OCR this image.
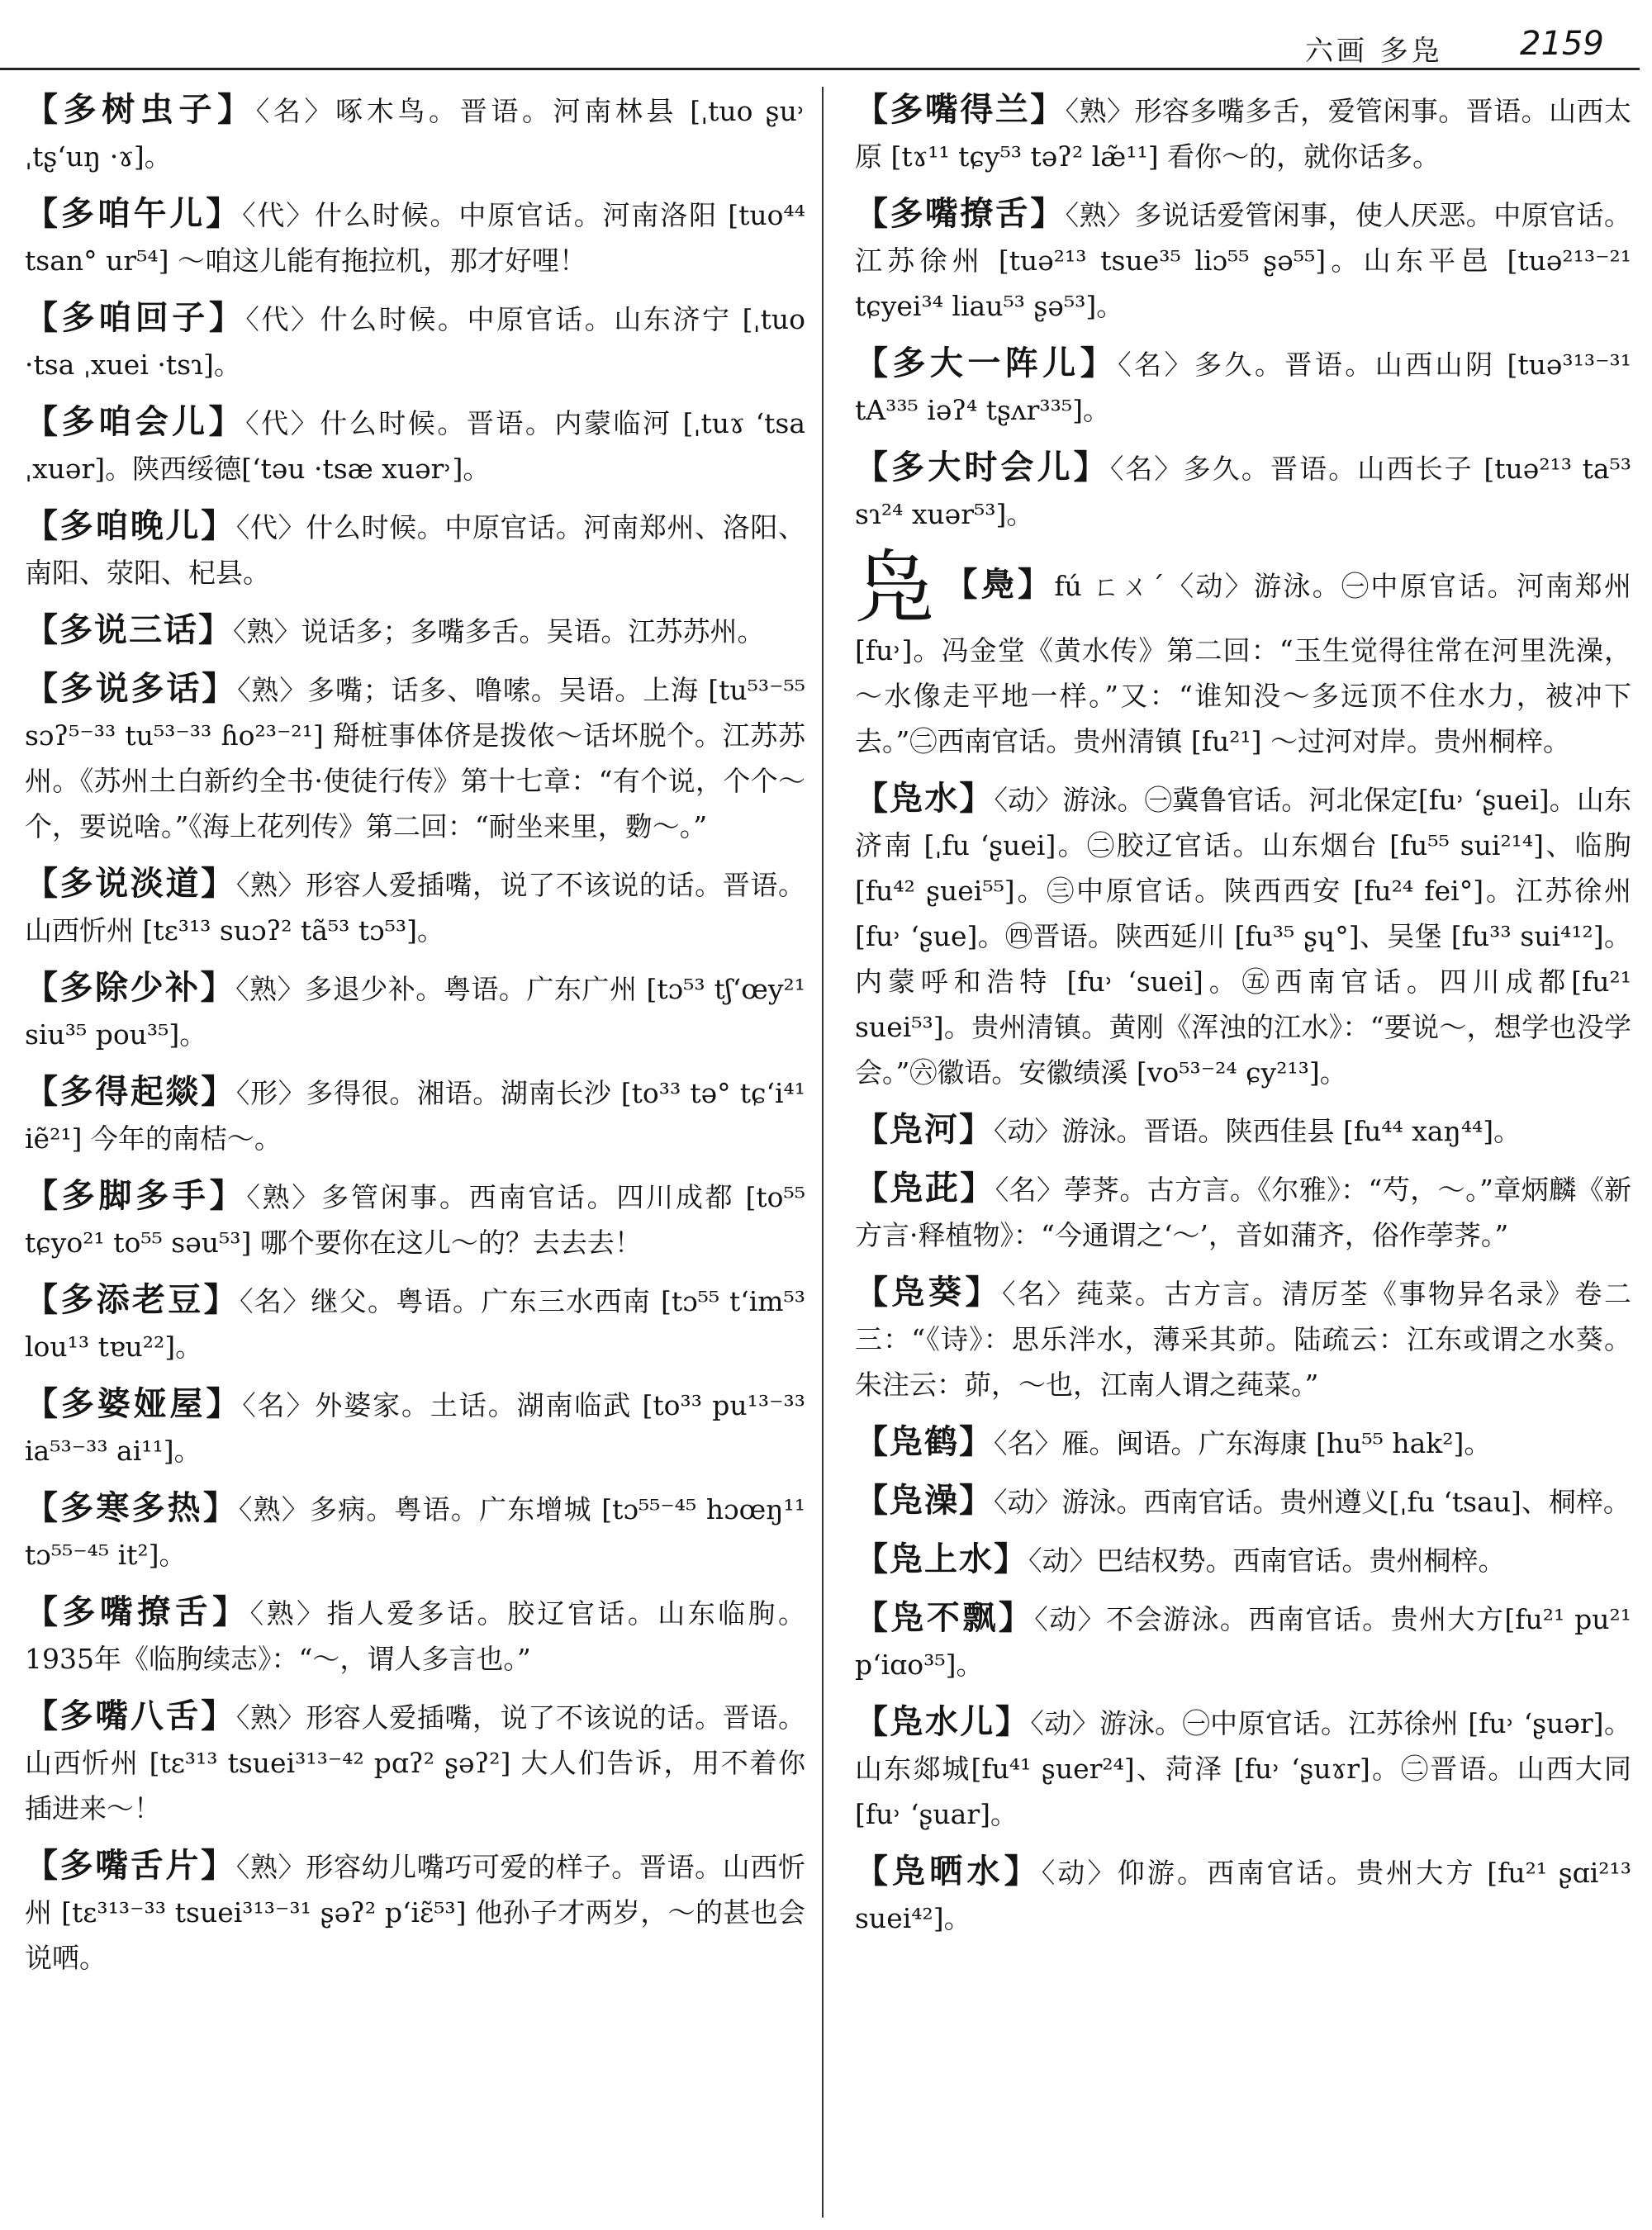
六画 多凫 2159
【多树虫子】〈名〉啄木鸟。晋语。河南林县 [ˌtuo ʂu˒ ˌtʂʻuŋ ·ɤ]。
【多咱午儿】〈代〉什么时候。中原官话。河南洛阳 [tuo⁴⁴ tsan° ur⁵⁴] ～咱这儿能有拖拉机，那才好哩！
【多咱回子】〈代〉什么时候。中原官话。山东济宁 [ˌtuo ·tsa ˌxuei ·tsɿ]。
【多咱会儿】〈代〉什么时候。晋语。内蒙临河 [ˌtuɤ ʻtsa ˌxuər]。陕西绥德[ʻtəu ·tsæ xuər˒]。
【多咱晚儿】〈代〉什么时候。中原官话。河南郑州、洛阳、南阳、荥阳、杞县。
【多说三话】〈熟〉说话多；多嘴多舌。吴语。江苏苏州。
【多说多话】〈熟〉多嘴；话多、噜嗦。吴语。上海 [tu⁵³⁻⁵⁵ sɔʔ⁵⁻³³ tu⁵³⁻³³ ɦo²³⁻²¹] 搿桩事体侪是拨侬～话坏脱个。江苏苏州。《苏州土白新约全书·使徒行传》第十七章：“有个说，个个～个，要说啥。”《海上花列传》第二回：“耐坐来里，覅～。”
【多说淡道】〈熟〉形容人爱插嘴，说了不该说的话。晋语。山西忻州 [tɛ³¹³ suɔʔ² tã⁵³ tɔ⁵³]。
【多除少补】〈熟〉多退少补。粤语。广东广州 [tɔ⁵³ tʃʻœy²¹ siu³⁵ pou³⁵]。
【多得起燚】〈形〉多得很。湘语。湖南长沙 [to³³ tə° tɕʻi⁴¹ iẽ²¹] 今年的南桔～。
【多脚多手】〈熟〉多管闲事。西南官话。四川成都 [to⁵⁵ tɕyo²¹ to⁵⁵ səu⁵³] 哪个要你在这儿～的？去去去！
【多添老豆】〈名〉继父。粤语。广东三水西南 [tɔ⁵⁵ tʻim⁵³ lou¹³ tɐu²²]。
【多婆娅屋】〈名〉外婆家。土话。湖南临武 [to³³ pu¹³⁻³³ ia⁵³⁻³³ ai¹¹]。
【多寒多热】〈熟〉多病。粤语。广东增城 [tɔ⁵⁵⁻⁴⁵ hɔœŋ¹¹ tɔ⁵⁵⁻⁴⁵ it²]。
【多嘴撩舌】〈熟〉指人爱多话。胶辽官话。山东临朐。1935年《临朐续志》：“～，谓人多言也。”
【多嘴八舌】〈熟〉形容人爱插嘴，说了不该说的话。晋语。山西忻州 [tɛ³¹³ tsuei³¹³⁻⁴² pɑʔ² ʂəʔ²] 大人们告诉，用不着你插进来～！
【多嘴舌片】〈熟〉形容幼儿嘴巧可爱的样子。晋语。山西忻州 [tɛ³¹³⁻³³ tsuei³¹³⁻³¹ ʂəʔ² pʻiɛ̃⁵³] 他孙子才两岁，～的甚也会说哂。
【多嘴得兰】〈熟〉形容多嘴多舌，爱管闲事。晋语。山西太原 [tɤ¹¹ tɕy⁵³ təʔ² læ̃¹¹] 看你～的，就你话多。
【多嘴撩舌】〈熟〉多说话爱管闲事，使人厌恶。中原官话。江苏徐州 [tuə²¹³ tsue³⁵ liɔ⁵⁵ ʂə⁵⁵]。山东平邑 [tuə²¹³⁻²¹ tɕyei³⁴ liau⁵³ ʂə⁵³]。
【多大一阵儿】〈名〉多久。晋语。山西山阴 [tuə³¹³⁻³¹ tA³³⁵ iəʔ⁴ tʂʌr³³⁵]。
【多大时会儿】〈名〉多久。晋语。山西长子 [tuə²¹³ ta⁵³ sɿ²⁴ xuər⁵³]。
凫 【鳧】fú ㄈㄨˊ〈动〉游泳。㊀中原官话。河南郑州 [fu˒]。冯金堂《黄水传》第二回：“玉生觉得往常在河里洗澡，～水像走平地一样。”又：“谁知没～多远顶不住水力，被冲下去。”㊁西南官话。贵州清镇 [fu²¹] ～过河对岸。贵州桐梓。
【凫水】〈动〉游泳。㊀冀鲁官话。河北保定[fu˒ ʻʂuei]。山东济南 [ˌfu ʻʂuei]。㊁胶辽官话。山东烟台 [fu⁵⁵ sui²¹⁴]、临朐 [fu⁴² ʂuei⁵⁵]。㊂中原官话。陕西西安 [fu²⁴ fei°]。江苏徐州[fu˒ ʻʂue]。㊃晋语。陕西延川 [fu³⁵ ʂɥ°]、吴堡 [fu³³ sui⁴¹²]。内蒙呼和浩特 [fu˒ ʻsuei]。㊄西南官话。四川成都[fu²¹ suei⁵³]。贵州清镇。黄刚《浑浊的江水》：“要说～，想学也没学会。”㊅徽语。安徽绩溪 [vo⁵³⁻²⁴ ɕy²¹³]。
【凫河】〈动〉游泳。晋语。陕西佳县 [fu⁴⁴ xaŋ⁴⁴]。
【凫茈】〈名〉荸荠。古方言。《尔雅》：“芍，～。”章炳麟《新方言·释植物》：“今通谓之‘～’，音如蒲齐，俗作荸荠。”
【凫葵】〈名〉莼菜。古方言。清厉荃《事物异名录》卷二三：“《诗》：思乐泮水，薄采其茆。陆疏云：江东或谓之水葵。朱注云：茆，～也，江南人谓之莼菜。”
【凫鹤】〈名〉雁。闽语。广东海康 [hu⁵⁵ hak²]。
【凫澡】〈动〉游泳。西南官话。贵州遵义[ˌfu ʻtsau]、桐梓。
【凫上水】〈动〉巴结权势。西南官话。贵州桐梓。
【凫不飘】〈动〉不会游泳。西南官话。贵州大方[fu²¹ pu²¹ pʻiɑo³⁵]。
【凫水儿】〈动〉游泳。㊀中原官话。江苏徐州 [fu˒ ʻʂuər]。山东郯城[fu⁴¹ ʂuer²⁴]、菏泽 [fu˒ ʻʂuɤr]。㊁晋语。山西大同 [fu˒ ʻʂuar]。
【凫晒水】〈动〉仰游。西南官话。贵州大方 [fu²¹ ʂɑi²¹³ suei⁴²]。
